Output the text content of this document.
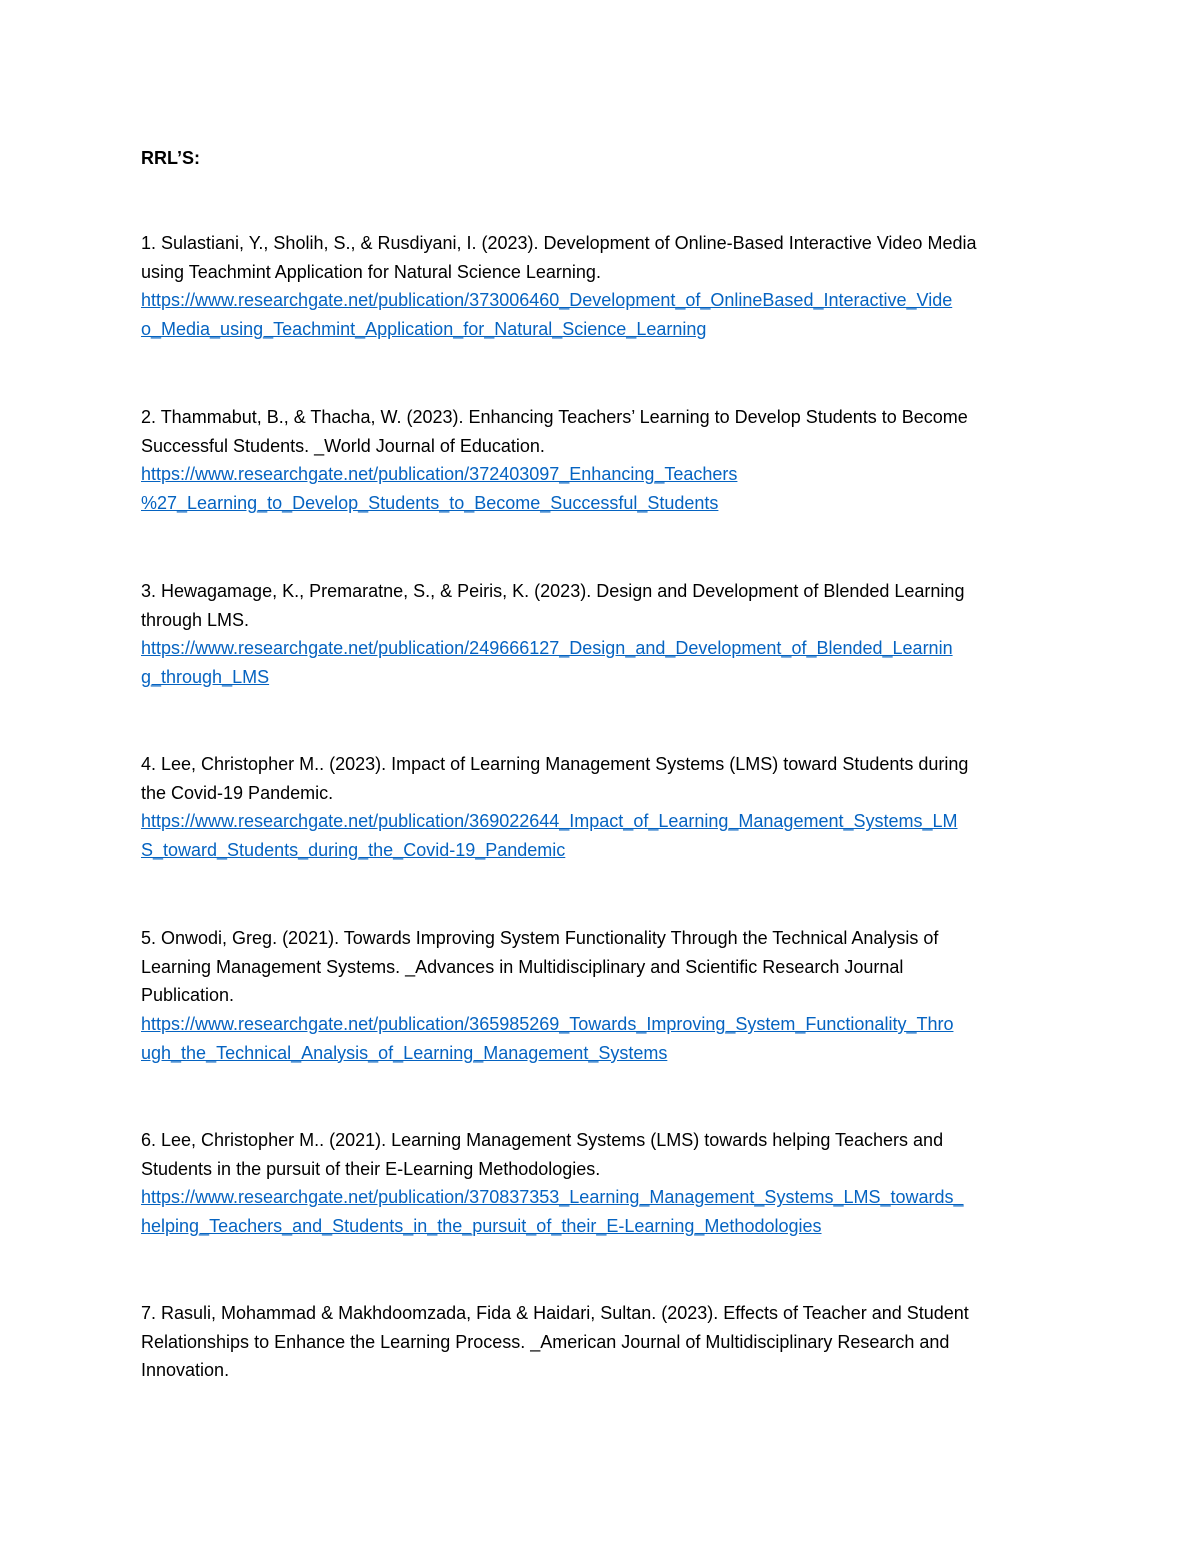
RRL’S:

1. Sulastiani, Y., Sholih, S., & Rusdiyani, I. (2023). Development of Online-Based Interactive Video Media
using Teachmint Application for Natural Science Learning.
https://www.researchgate.net/publication/373006460_Development_of_OnlineBased_Interactive_Vide
o_Media_using_Teachmint_Application_for_Natural_Science_Learning
2. Thammabut, B., & Thacha, W. (2023). Enhancing Teachers’ Learning to Develop Students to Become
Successful Students. _World Journal of Education.
https://www.researchgate.net/publication/372403097_Enhancing_Teachers
%27_Learning_to_Develop_Students_to_Become_Successful_Students
3. Hewagamage, K., Premaratne, S., & Peiris, K. (2023). Design and Development of Blended Learning
through LMS.
https://www.researchgate.net/publication/249666127_Design_and_Development_of_Blended_Learnin
g_through_LMS
4. Lee, Christopher M.. (2023). Impact of Learning Management Systems (LMS) toward Students during
the Covid-19 Pandemic.
https://www.researchgate.net/publication/369022644_Impact_of_Learning_Management_Systems_LM
S_toward_Students_during_the_Covid-19_Pandemic
5. Onwodi, Greg. (2021). Towards Improving System Functionality Through the Technical Analysis of
Learning Management Systems. _Advances in Multidisciplinary and Scientific Research Journal
Publication.
https://www.researchgate.net/publication/365985269_Towards_Improving_System_Functionality_Thro
ugh_the_Technical_Analysis_of_Learning_Management_Systems
6. Lee, Christopher M.. (2021). Learning Management Systems (LMS) towards helping Teachers and
Students in the pursuit of their E-Learning Methodologies.
https://www.researchgate.net/publication/370837353_Learning_Management_Systems_LMS_towards_
helping_Teachers_and_Students_in_the_pursuit_of_their_E-Learning_Methodologies
7. Rasuli, Mohammad & Makhdoomzada, Fida & Haidari, Sultan. (2023). Effects of Teacher and Student
Relationships to Enhance the Learning Process. _American Journal of Multidisciplinary Research and
Innovation.
